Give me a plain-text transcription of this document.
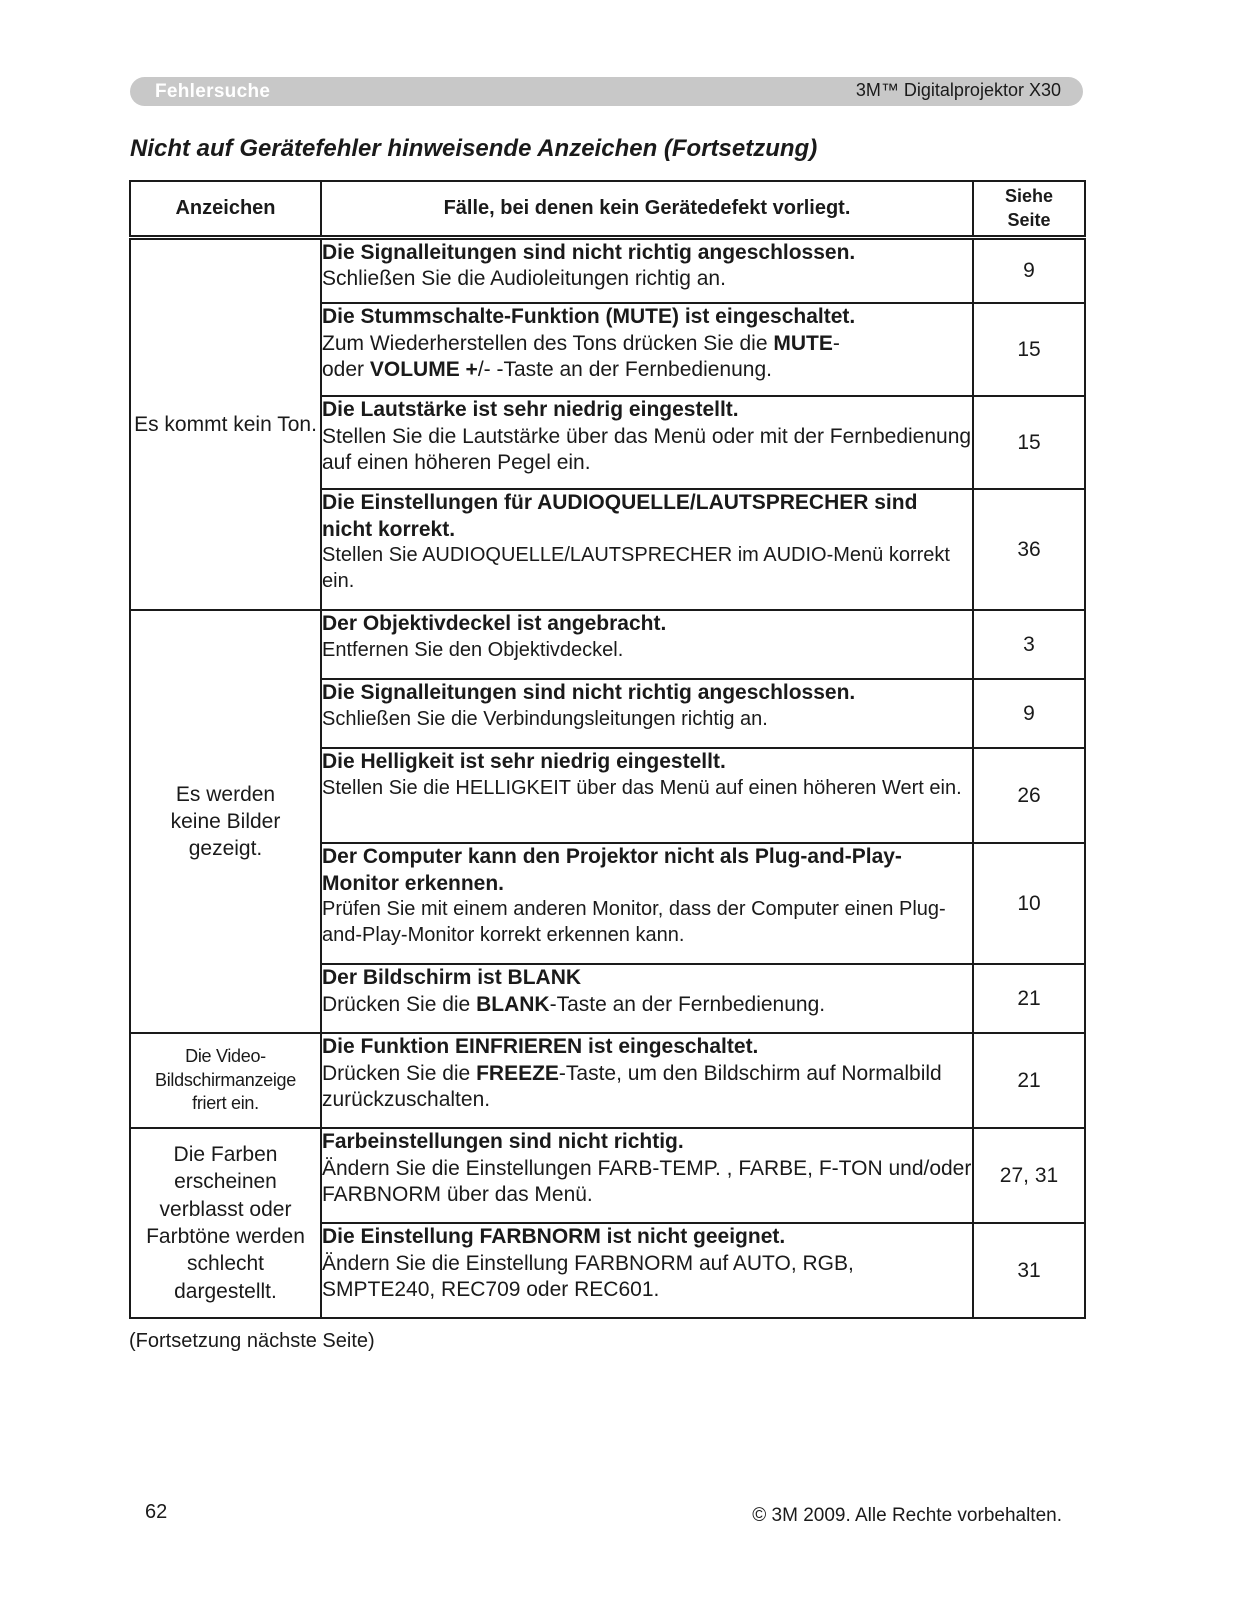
Fehlersuche	3M™ Digitalprojektor X30
Nicht auf Gerätefehler hinweisende Anzeichen (Fortsetzung)
Anzeichen	Fälle, bei denen kein Gerätedefekt vorliegt.	Siehe
Seite
Es kommt kein Ton.	Die Signalleitungen sind nicht richtig angeschlossen.
Schließen Sie die Audioleitungen richtig an.	9

	Die Stummschalte-Funktion (MUTE) ist eingeschaltet.
Zum Wiederherstellen des Tons drücken Sie die MUTE-
oder VOLUME +/- -Taste an der Fernbedienung.	15

	Die Lautstärke ist sehr niedrig eingestellt.
Stellen Sie die Lautstärke über das Menü oder mit der Fernbedienung auf einen höheren Pegel ein.	15

	Die Einstellungen für AUDIOQUELLE/LAUTSPRECHER sind nicht korrekt.
Stellen Sie AUDIOQUELLE/LAUTSPRECHER im AUDIO-Menü korrekt ein.	36
Es werden keine Bilder gezeigt.	Der Objektivdeckel ist angebracht.
Entfernen Sie den Objektivdeckel.	3

	Die Signalleitungen sind nicht richtig angeschlossen.
Schließen Sie die Verbindungsleitungen richtig an.	9

	Die Helligkeit ist sehr niedrig eingestellt.
Stellen Sie die HELLIGKEIT über das Menü auf einen höheren Wert ein.	26

	Der Computer kann den Projektor nicht als Plug-and-Play-Monitor erkennen.
Prüfen Sie mit einem anderen Monitor, dass der Computer einen Plug-and-Play-Monitor korrekt erkennen kann.	10

	Der Bildschirm ist BLANK
Drücken Sie die BLANK-Taste an der Fernbedienung.	21
Die Video-Bildschirmanzeige friert ein.	Die Funktion EINFRIEREN ist eingeschaltet.
Drücken Sie die FREEZE-Taste, um den Bildschirm auf Normalbild zurückzuschalten.	21
Die Farben erscheinen verblasst oder Farbtöne werden schlecht dargestellt.	Farbeinstellungen sind nicht richtig.
Ändern Sie die Einstellungen FARB-TEMP. , FARBE, F-TON und/oder FARBNORM über das Menü.	27, 31

	Die Einstellung FARBNORM ist nicht geeignet.
Ändern Sie die Einstellung FARBNORM auf AUTO, RGB, SMPTE240, REC709 oder REC601.	31
(Fortsetzung nächste Seite)
62	© 3M 2009. Alle Rechte vorbehalten.
